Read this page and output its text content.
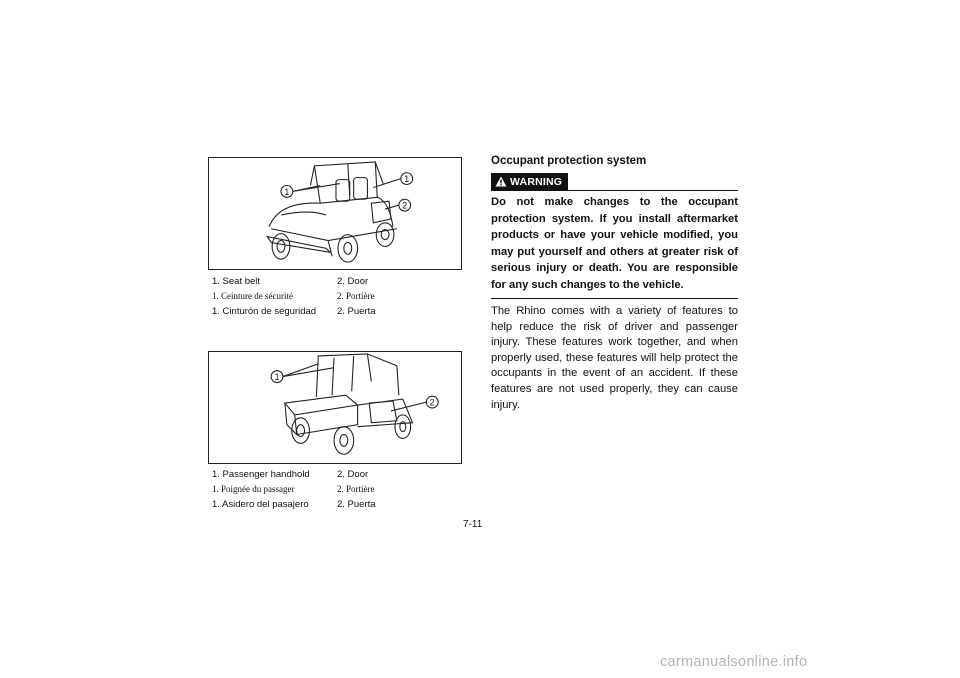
1
1
2
1. Seat belt	2. Door
1. Ceinture de sécurité	2. Portière
1. Cinturón de seguridad	2. Puerta
1
2
1. Passenger handhold	2. Door
1. Poignée du passager	2. Portière
1. Asidero del pasajero	2. Puerta
Occupant protection system
WARNING

Do not make changes to the occupant protection system. If you install aftermarket products or have your vehicle modified, you may put yourself and others at greater risk of serious injury or death. You are responsible for any such changes to the vehicle.

The Rhino comes with a variety of features to help reduce the risk of driver and passenger injury. These features work together, and when properly used, these features will help protect the occupants in the event of an accident. If these features are not used properly, they can cause injury.

7-11
carmanualsonline.info
